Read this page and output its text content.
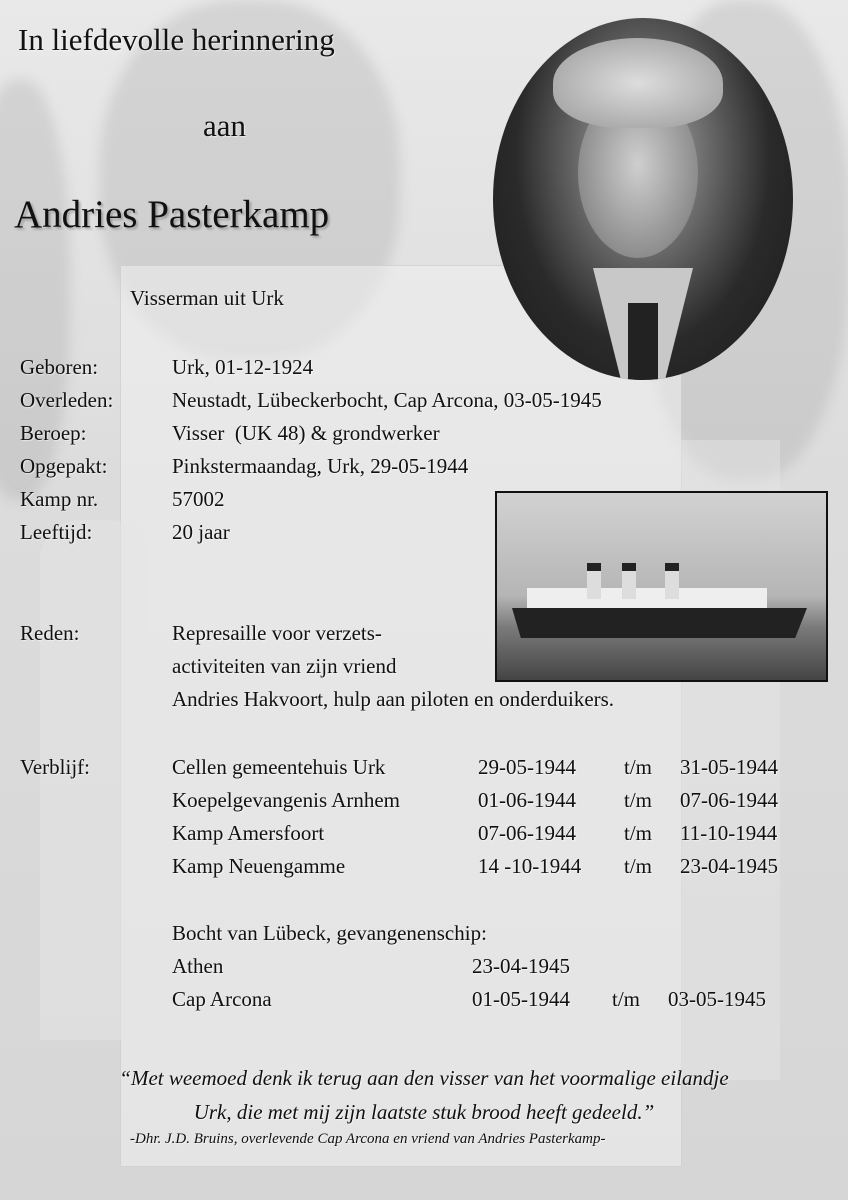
In liefdevolle herinnering
aan
Andries Pasterkamp
Visserman uit Urk
Geboren:	Urk, 01-12-1924
Overleden:	Neustadt, Lübeckerbocht, Cap Arcona, 03-05-1945
Beroep:	Visser  (UK 48) & grondwerker
Opgepakt:	Pinkstermaandag, Urk, 29-05-1944
Kamp nr.	57002
Leeftijd:	20 jaar
Reden:	Represaille voor verzets-
activiteiten van zijn vriend
Andries Hakvoort, hulp aan piloten en onderduikers.
Verblijf:	Cellen gemeentehuis Urk	29-05-1944 t/m 31-05-1944
Koepelgevangenis Arnhem	01-06-1944 t/m 07-06-1944
Kamp Amersfoort	07-06-1944 t/m 11-10-1944
Kamp Neuengamme	14 -10-1944 t/m 23-04-1945
Bocht van Lübeck, gevangenenschip:
Athen	23-04-1945
Cap Arcona	01-05-1944 t/m 03-05-1945
“Met weemoed denk ik terug aan den visser van het voormalige eilandje
Urk, die met mij zijn laatste stuk brood heeft gedeeld.”
-Dhr. J.D. Bruins, overlevende Cap Arcona en vriend van Andries Pasterkamp-
